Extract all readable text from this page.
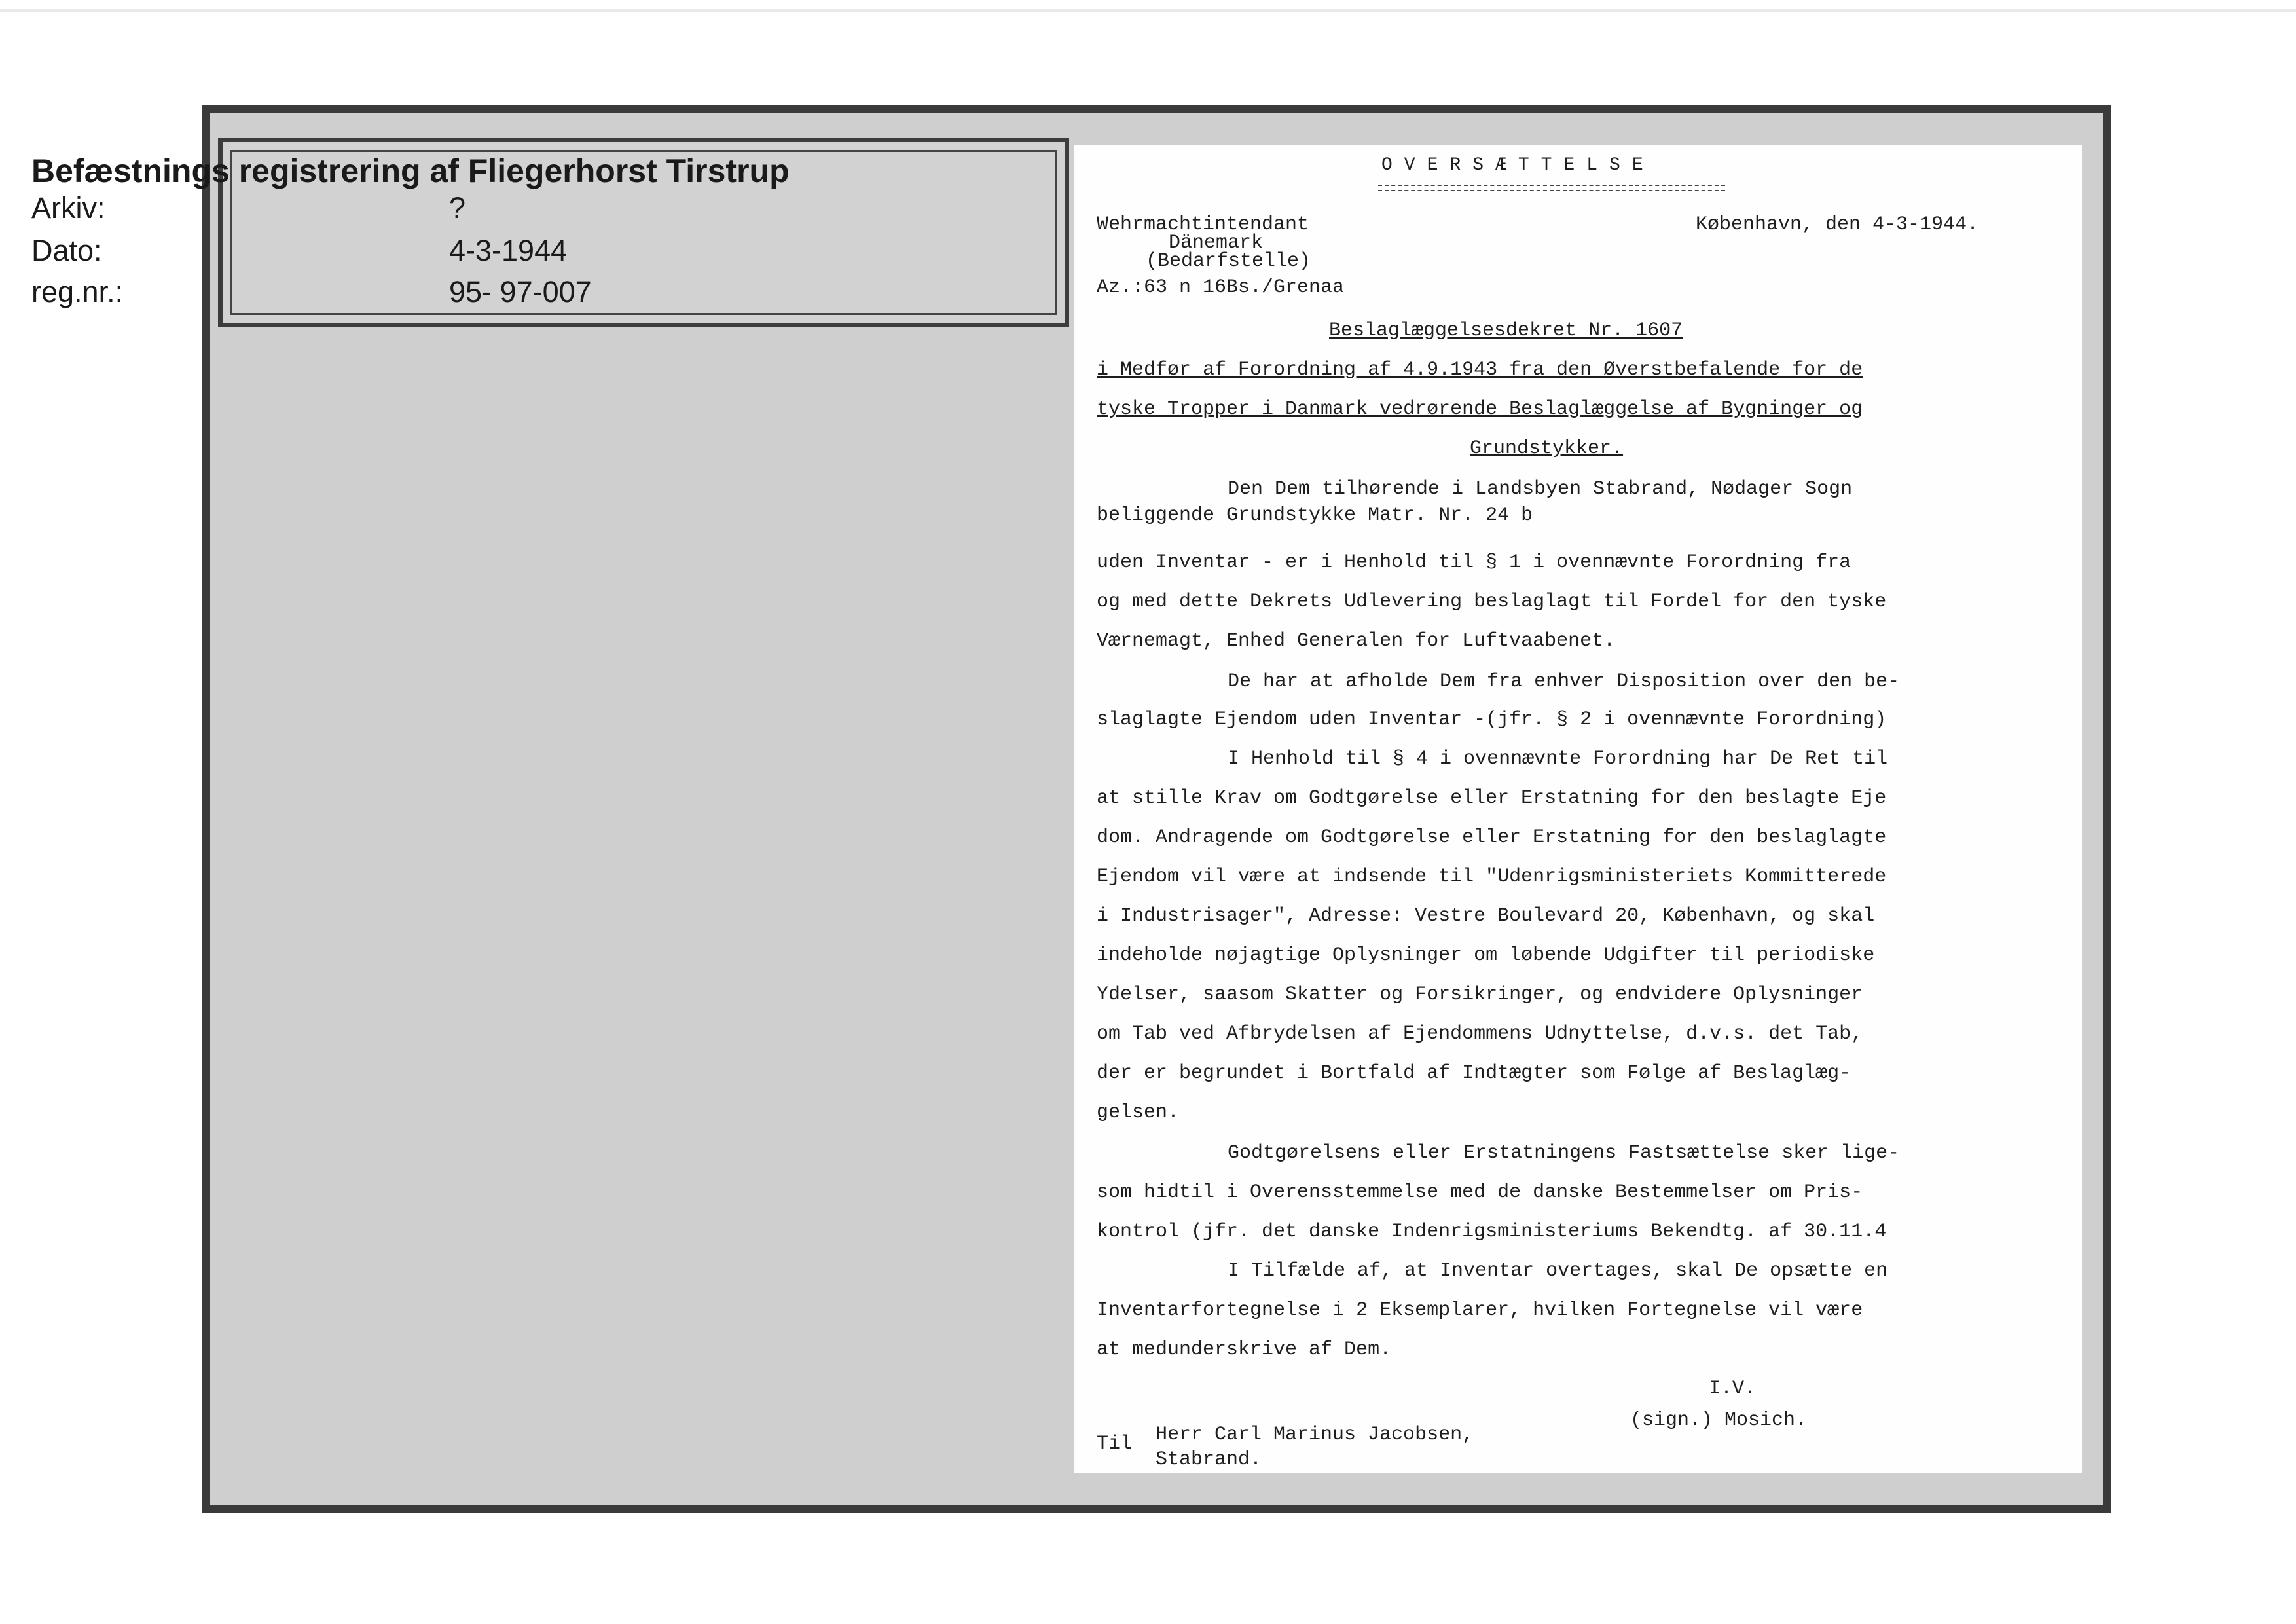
Befæstnings registrering af Fliegerhorst Tirstrup
Arkiv:	?
Dato:	4-3-1944
reg.nr.:	95- 97-007
OVERSÆTTELSE
Wehrmachtintendant
Dänemark
(Bedarfstelle)
Az.:63 n 16Bs./Grenaa
København, den 4-3-1944.
Beslaglæggelsesdekret Nr. 1607
i Medfør af Forordning af 4.9.1943 fra den Øverstbefalende for de
tyske Tropper i Danmark vedrørende Beslaglæggelse af Bygninger og
Grundstykker.
Den Dem tilhørende i Landsbyen Stabrand, Nødager Sogn
beliggende Grundstykke Matr. Nr. 24 b
uden Inventar - er i Henhold til § 1 i ovennævnte Forordning fra
og med dette Dekrets Udlevering beslaglagt til Fordel for den tyske
Værnemagt, Enhed Generalen for Luftvaabenet.
De har at afholde Dem fra enhver Disposition over den be-
slaglagte Ejendom uden Inventar -(jfr. § 2 i ovennævnte Forordning)
I Henhold til § 4 i ovennævnte Forordning har De Ret til
at stille Krav om Godtgørelse eller Erstatning for den beslagte Eje
dom. Andragende om Godtgørelse eller Erstatning for den beslaglagte
Ejendom vil være at indsende til "Udenrigsministeriets Kommitterede
i Industrisager", Adresse: Vestre Boulevard 20, København, og skal
indeholde nøjagtige Oplysninger om løbende Udgifter til periodiske
Ydelser, saasom Skatter og Forsikringer, og endvidere Oplysninger
om Tab ved Afbrydelsen af Ejendommens Udnyttelse, d.v.s. det Tab,
der er begrundet i Bortfald af Indtægter som Følge af Beslaglæg-
gelsen.
Godtgørelsens eller Erstatningens Fastsættelse sker lige-
som hidtil i Overensstemmelse med de danske Bestemmelser om Pris-
kontrol (jfr. det danske Indenrigsministeriums Bekendtg. af 30.11.4
I Tilfælde af, at Inventar overtages, skal De opsætte en
Inventarfortegnelse i 2 Eksemplarer, hvilken Fortegnelse vil være
at medunderskrive af Dem.
I.V.
(sign.) Mosich.
Til Herr Carl Marinus Jacobsen,
Stabrand.
